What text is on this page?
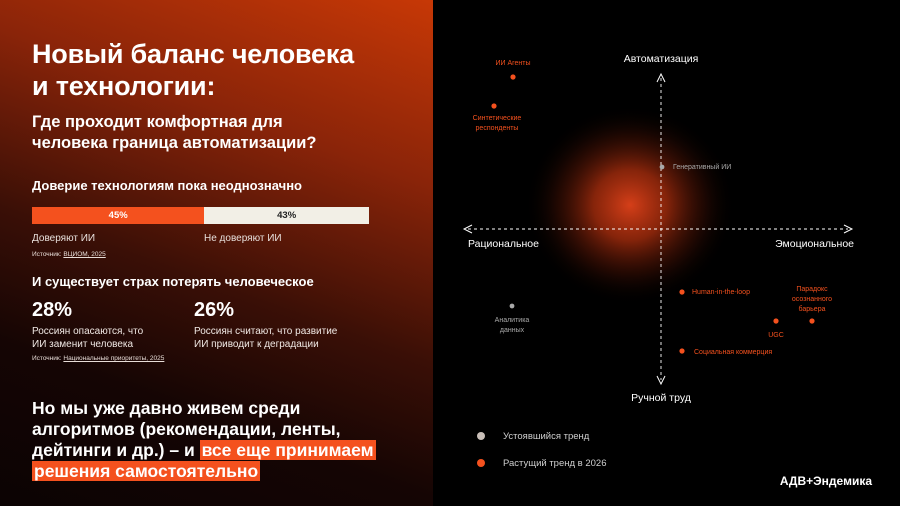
Новый баланс человека
и технологии:
Где проходит комфортная для
человека граница автоматизации?
Доверие технологиям пока неоднозначно
45%	43%
Доверяют ИИ	Не доверяют ИИ
Источник: ВЦИОМ, 2025
И существует страх потерять человеческое
28%
Россиян опасаются, что
ИИ заменит человека
26%
Россиян считают, что развитие
ИИ приводит к деградации
Источник: Национальные приоритеты, 2025
Но мы уже давно живем среди
алгоритмов (рекомендации, ленты,
дейтинги и др.) – и все еще принимаем
решения самостоятельно
Автоматизация
Ручной труд
Рациональное	Эмоциональное
ИИ Агенты
Синтетические
респонденты
Генеративный ИИ
Human-in-the-loop	Парадокс
осознанного
барьера
UGC
Социальная коммерция
Аналитика
данных
Устоявшийся тренд
Растущий тренд в 2026
АДВ+Эндемика
